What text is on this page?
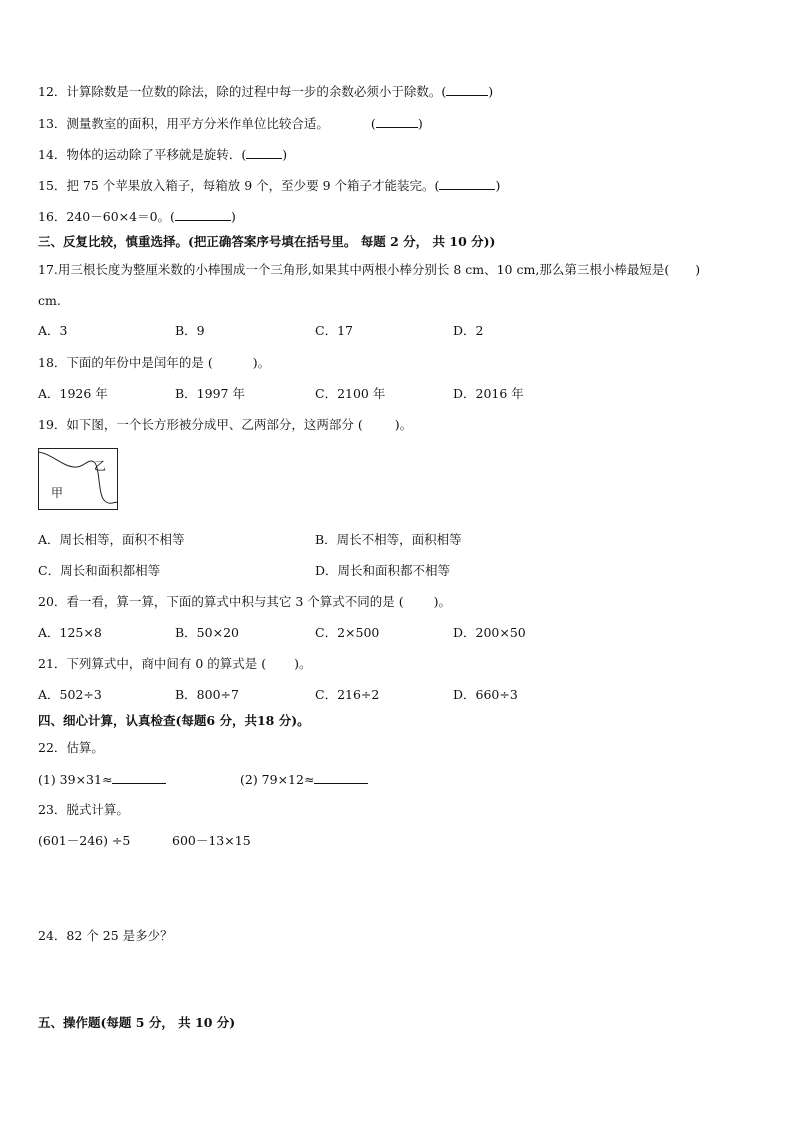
12．计算除数是一位数的除法，除的过程中每一步的余数必须小于除数。(	)
13．测量教室的面积，用平方分米作单位比较合适。	(	)
14．物体的运动除了平移就是旋转．(	)
15．把 75 个苹果放入箱子，每箱放 9 个，至少要 9 个箱子才能装完。(	)
16．240－60×4＝0。(	)
三、反复比较，慎重选择。(把正确答案序号填在括号里。 每题 2 分， 共 10 分))
17.用三根长度为整厘米数的小棒围成一个三角形,如果其中两根小棒分别长 8 cm、10 cm,那么第三根小棒最短是( )
cm.
A．3	B．9	C．17	D．2
18．下面的年份中是闰年的是 (	)。
A．1926 年	B．1997 年	C．2100 年	D．2016 年
19．如下图，一个长方形被分成甲、乙两部分，这两部分 (	)。
乙
甲
A．周长相等，面积不相等	B．周长不相等，面积相等
C．周长和面积都相等	D．周长和面积都不相等
20．看一看，算一算，下面的算式中积与其它 3 个算式不同的是 ( )。
A．125×8	B．50×20	C．2×500	D．200×50
21．下列算式中，商中间有 0 的算式是 ( )。
A．502÷3	B．800÷7	C．216÷2	D．660÷3
四、细心计算，认真检查(每题6 分，共18 分)。
22．估算。
(1) 39×31≈	(2) 79×12≈
23．脱式计算。
(601－246) ÷5	600－13×15
24．82 个 25 是多少？
五、操作题(每题 5 分， 共 10 分)
